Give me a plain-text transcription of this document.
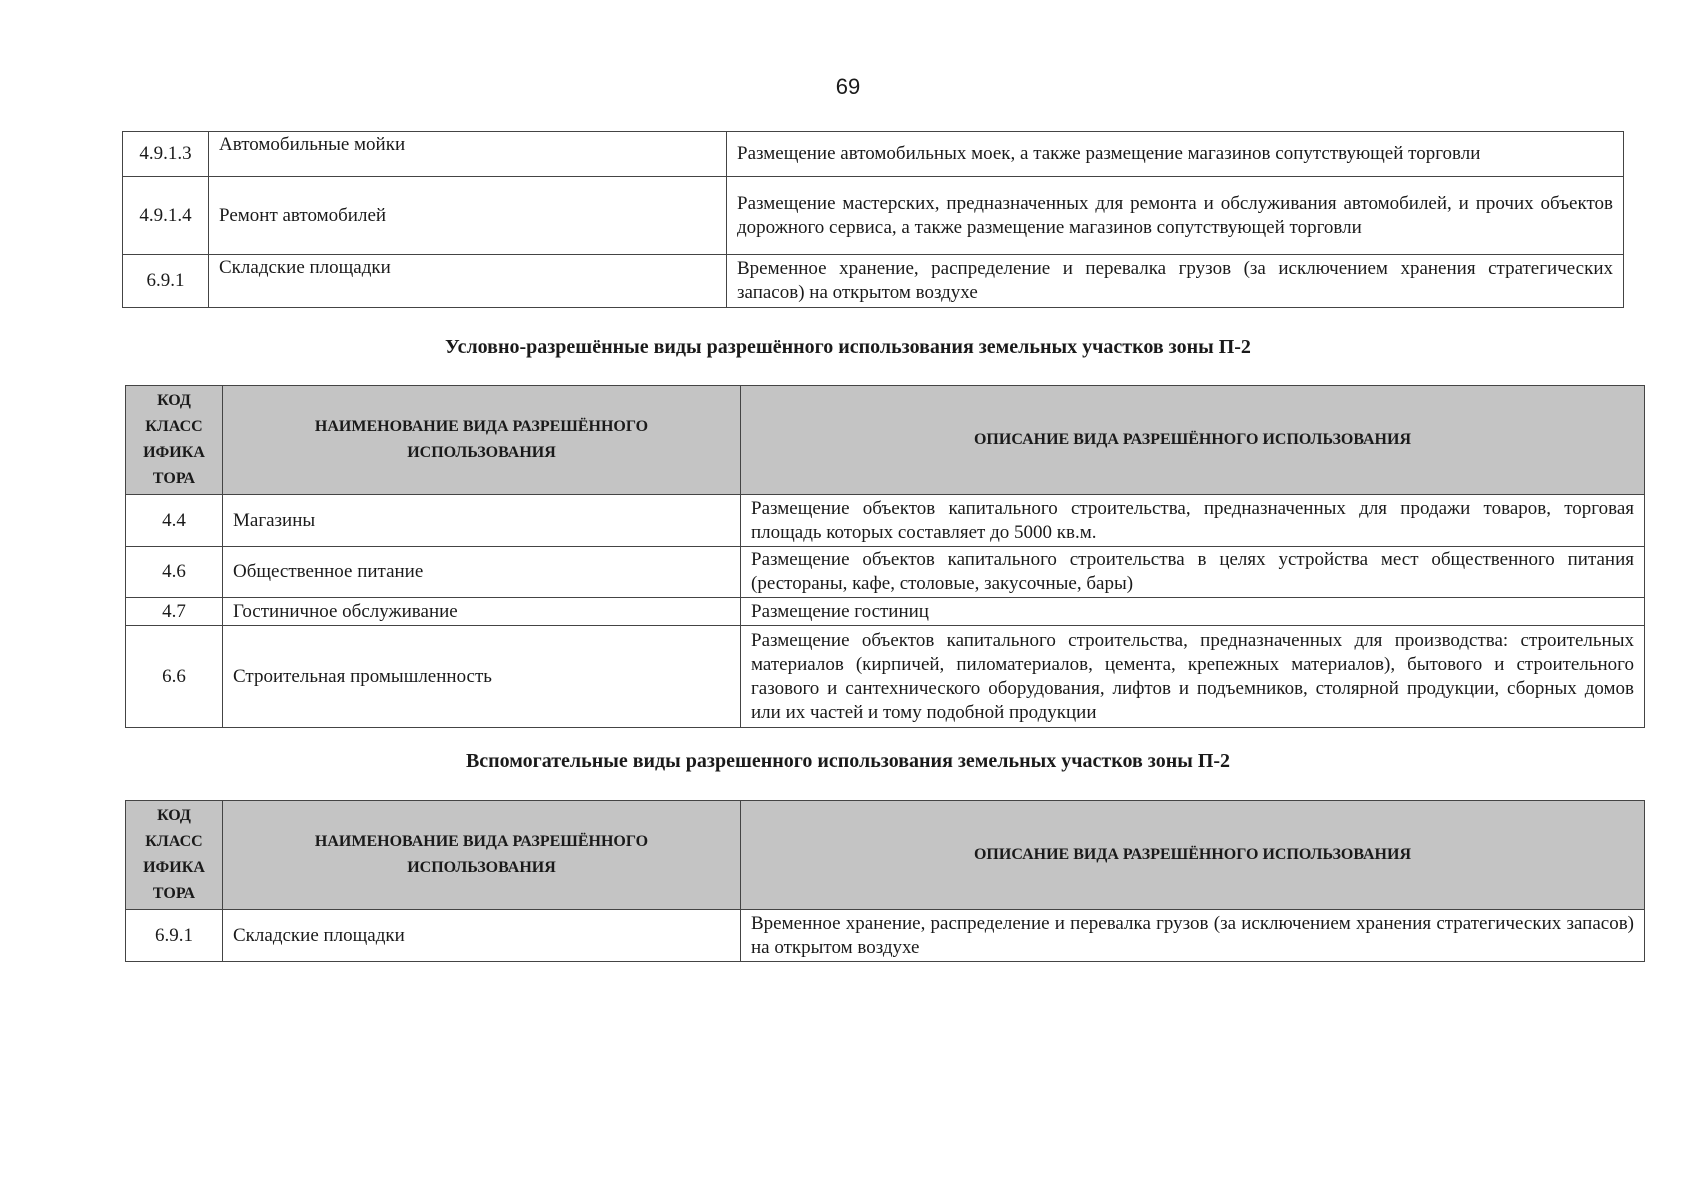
69
4.9.1.3	Автомобильные мойки	Размещение автомобильных моек, а также размещение магазинов сопутствующей торговли
4.9.1.4	Ремонт автомобилей	Размещение мастерских, предназначенных для ремонта и обслуживания автомобилей, и прочих объектов дорожного сервиса, а также размещение магазинов сопутствующей торговли
6.9.1	Складские площадки	Временное хранение, распределение и перевалка грузов (за исключением хранения стратегических запасов) на открытом воздухе
Условно-разрешённые виды разрешённого использования земельных участков зоны П-2
КОД КЛАСС ИФИКА ТОРА	НАИМЕНОВАНИЕ ВИДА РАЗРЕШЁННОГО ИСПОЛЬЗОВАНИЯ	ОПИСАНИЕ ВИДА РАЗРЕШЁННОГО ИСПОЛЬЗОВАНИЯ
4.4	Магазины	Размещение объектов капитального строительства, предназначенных для продажи товаров, торговая площадь которых составляет до 5000 кв.м.
4.6	Общественное питание	Размещение объектов капитального строительства в целях устройства мест общественного питания (рестораны, кафе, столовые, закусочные, бары)
4.7	Гостиничное обслуживание	Размещение гостиниц
6.6	Строительная промышленность	Размещение объектов капитального строительства, предназначенных для производства: строительных материалов (кирпичей, пиломатериалов, цемента, крепежных материалов), бытового и строительного газового и сантехнического оборудования, лифтов и подъемников, столярной продукции, сборных домов или их частей и тому подобной продукции
Вспомогательные виды разрешенного использования земельных участков зоны П-2
КОД КЛАСС ИФИКА ТОРА	НАИМЕНОВАНИЕ ВИДА РАЗРЕШЁННОГО ИСПОЛЬЗОВАНИЯ	ОПИСАНИЕ ВИДА РАЗРЕШЁННОГО ИСПОЛЬЗОВАНИЯ
6.9.1	Складские площадки	Временное хранение, распределение и перевалка грузов (за исключением хранения стратегических запасов) на открытом воздухе
